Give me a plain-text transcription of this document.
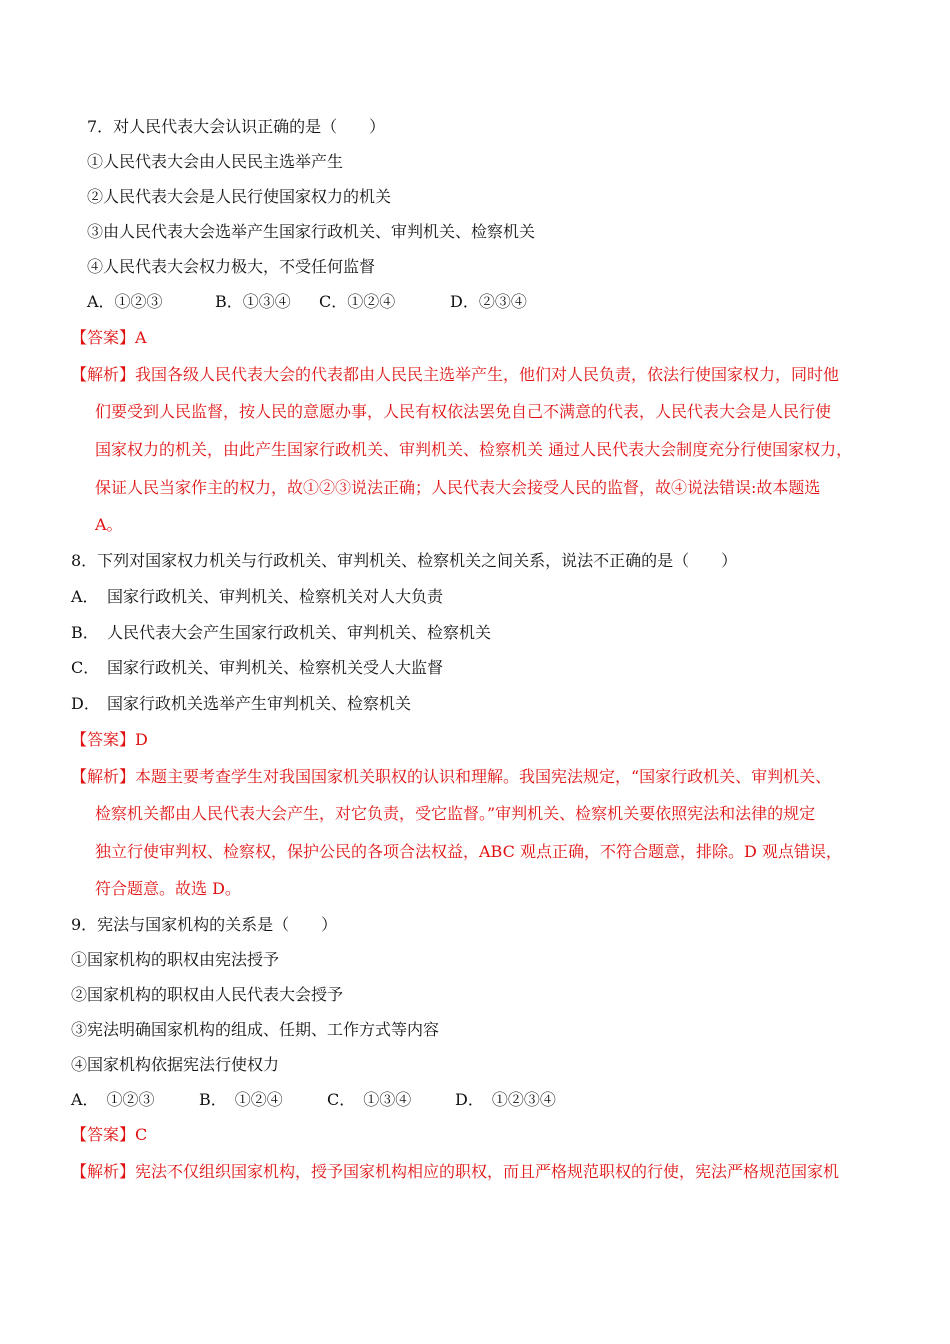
7．对人民代表大会认识正确的是（　　）
①人民代表大会由人民民主选举产生
②人民代表大会是人民行使国家权力的机关
③由人民代表大会选举产生国家行政机关、审判机关、检察机关
④人民代表大会权力极大，不受任何监督
A．①②③	B．①③④ C．①②④	D．②③④
【答案】A
【解析】我国各级人民代表大会的代表都由人民民主选举产生，他们对人民负责，依法行使国家权力，同时他
们要受到人民监督，按人民的意愿办事，人民有权依法罢免自己不满意的代表，人民代表大会是人民行使
国家权力的机关，由此产生国家行政机关、审判机关、检察机关 通过人民代表大会制度充分行使国家权力，
保证人民当家作主的权力，故①②③说法正确；人民代表大会接受人民的监督，故④说法错误:故本题选
A。
8．下列对国家权力机关与行政机关、审判机关、检察机关之间关系，说法不正确的是（　　）
A． 国家行政机关、审判机关、检察机关对人大负责
B． 人民代表大会产生国家行政机关、审判机关、检察机关
C． 国家行政机关、审判机关、检察机关受人大监督
D． 国家行政机关选举产生审判机关、检察机关
【答案】D
【解析】本题主要考查学生对我国国家机关职权的认识和理解。我国宪法规定，“国家行政机关、审判机关、
检察机关都由人民代表大会产生，对它负责，受它监督。”审判机关、检察机关要依照宪法和法律的规定
独立行使审判权、检察权，保护公民的各项合法权益，ABC 观点正确，不符合题意，排除。D 观点错误，
符合题意。故选 D。
9．宪法与国家机构的关系是（　　）
①国家机构的职权由宪法授予
②国家机构的职权由人民代表大会授予
③宪法明确国家机构的组成、任期、工作方式等内容
④国家机构依据宪法行使权力
A．　①②③	B．　①②④	C．　①③④	D．　①②③④
【答案】C
【解析】宪法不仅组织国家机构，授予国家机构相应的职权，而且严格规范职权的行使，宪法严格规范国家机
